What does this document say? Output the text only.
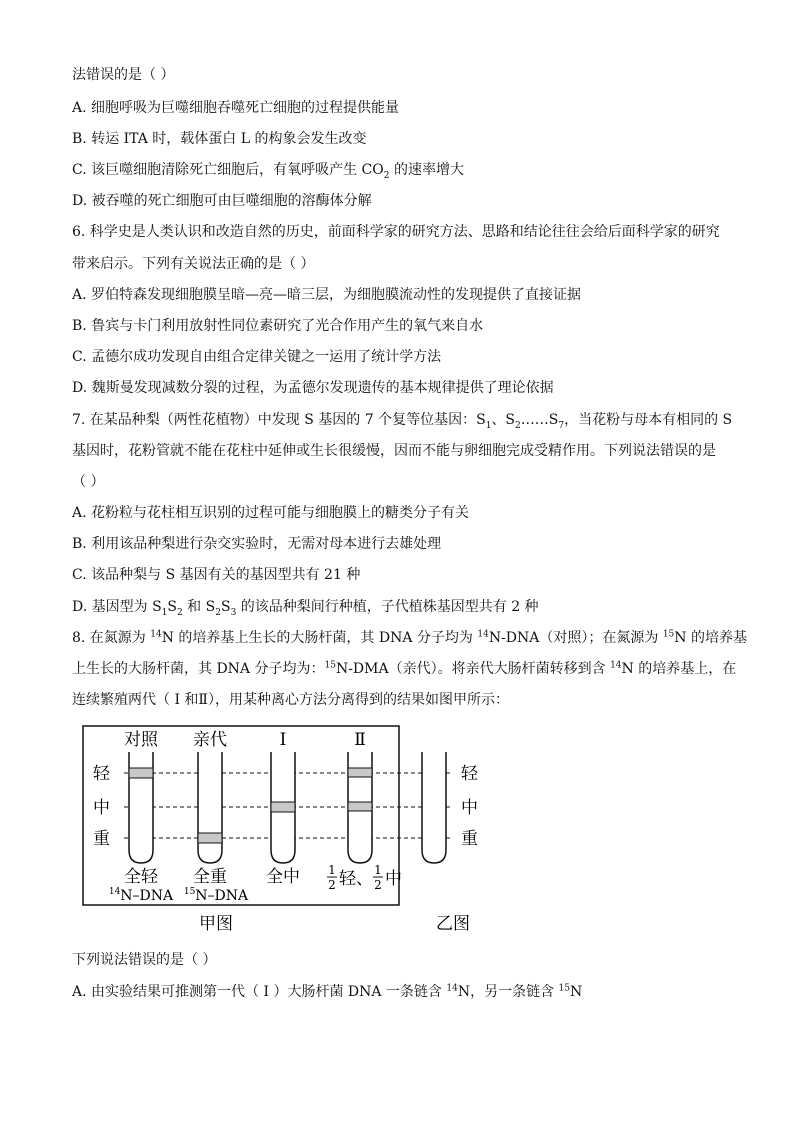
法错误的是（ ）
A. 细胞呼吸为巨噬细胞吞噬死亡细胞的过程提供能量
B. 转运 ITA 时，载体蛋白 L 的构象会发生改变
C. 该巨噬细胞清除死亡细胞后，有氧呼吸产生 $CO_2$ 的速率增大
D. 被吞噬的死亡细胞可由巨噬细胞的溶酶体分解
6. 科学史是人类认识和改造自然的历史，前面科学家的研究方法、思路和结论往往会给后面科学家的研究
带来启示。下列有关说法正确的是（ ）
A. 罗伯特森发现细胞膜呈暗—亮—暗三层，为细胞膜流动性的发现提供了直接证据
B. 鲁宾与卡门利用放射性同位素研究了光合作用产生的氧气来自水
C. 孟德尔成功发现自由组合定律关键之一运用了统计学方法
D. 魏斯曼发现减数分裂的过程，为孟德尔发现遗传的基本规律提供了理论依据
7. 在某品种梨（两性花植物）中发现 S 基因的 7 个复等位基因：$S_1$、$S_2\dots\dots S_7$，当花粉与母本有相同的 S
基因时，花粉管就不能在花柱中延伸或生长很缓慢，因而不能与卵细胞完成受精作用。下列说法错误的是
（ ）
A. 花粉粒与花柱相互识别的过程可能与细胞膜上的糖类分子有关
B. 利用该品种梨进行杂交实验时，无需对母本进行去雄处理
C. 该品种梨与 S 基因有关的基因型共有 21 种
D. 基因型为 $S_1S_2$ 和 $S_2S_3$ 的该品种梨间行种植，子代植株基因型共有 2 种
8. 在氮源为 $^{14}$N 的培养基上生长的大肠杆菌，其 DNA 分子均为 $^{14}$N-DNA（对照）；在氮源为 $^{15}$N 的培养基
上生长的大肠杆菌，其 DNA 分子均为：$^{15}$N-DMA（亲代）。将亲代大肠杆菌转移到含 $^{14}$N 的培养基上，在
连续繁殖两代（ I 和Ⅱ），用某种离心方法分离得到的结果如图甲所示：
对照 亲代	I	Ⅱ
轻
中
重
轻
中
重
全轻
$^{14}$N–DNA
全重
$^{15}$N–DNA
全中 1
2 轻、 1
2 中
甲图	乙图
下列说法错误的是（ ）
A. 由实验结果可推测第一代（ I ）大肠杆菌 DNA 一条链含 $^{14}$N，另一条链含 $^{15}$N
